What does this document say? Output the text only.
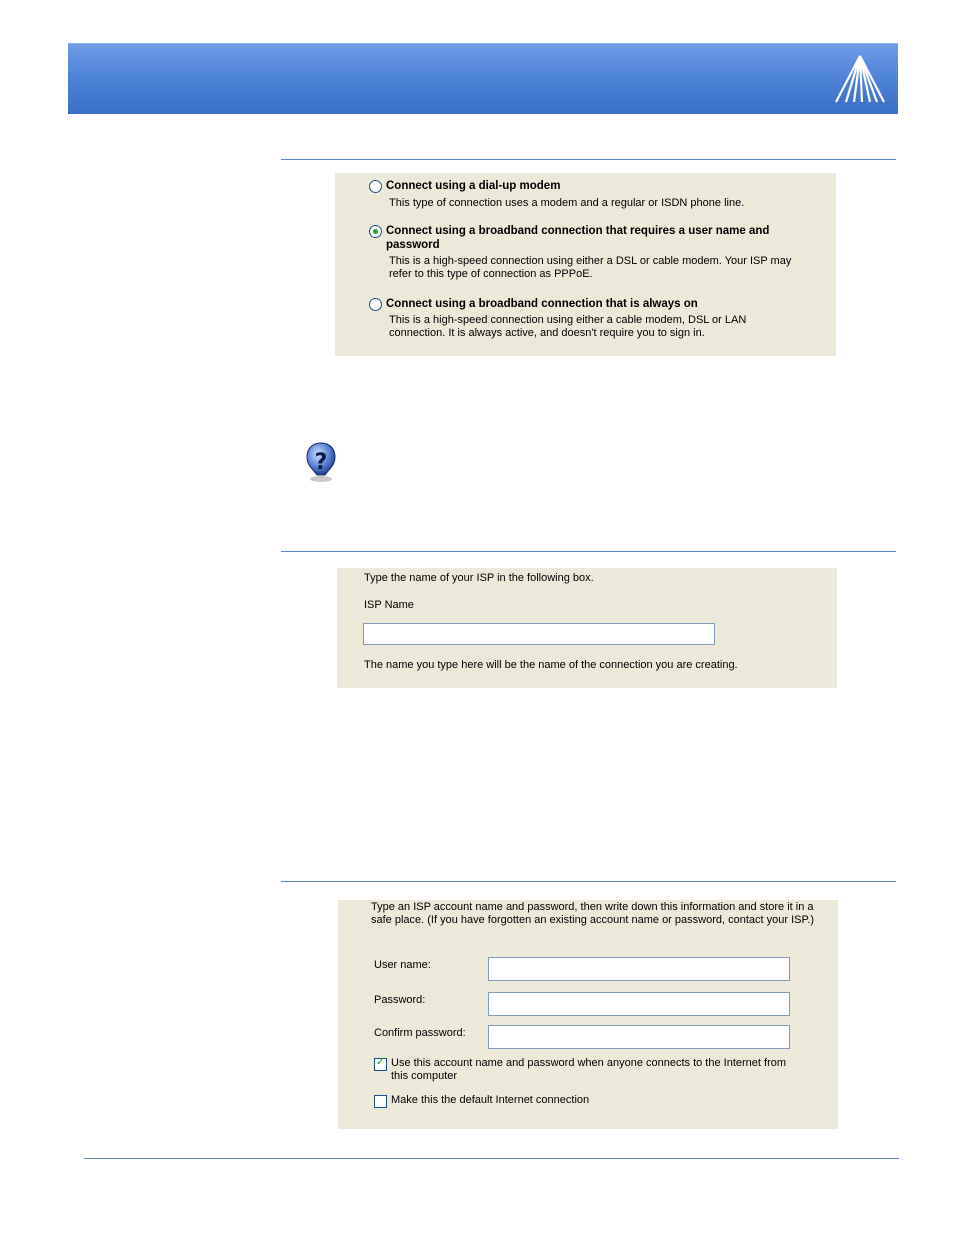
Connect using a dial-up modem
This type of connection uses a modem and a regular or ISDN phone line.
Connect using a broadband connection that requires a user name and
password
This is a high-speed connection using either a DSL or cable modem. Your ISP may
refer to this type of connection as PPPoE.
Connect using a broadband connection that is always on
This is a high-speed connection using either a cable modem, DSL or LAN
connection. It is always active, and doesn't require you to sign in.
?
Type the name of your ISP in the following box.
ISP Name
The name you type here will be the name of the connection you are creating.
Type an ISP account name and password, then write down this information and store it in a
safe place. (If you have forgotten an existing account name or password, contact your ISP.)
User name:
Password:
Confirm password:
✓
Use this account name and password when anyone connects to the Internet from
this computer
Make this the default Internet connection
